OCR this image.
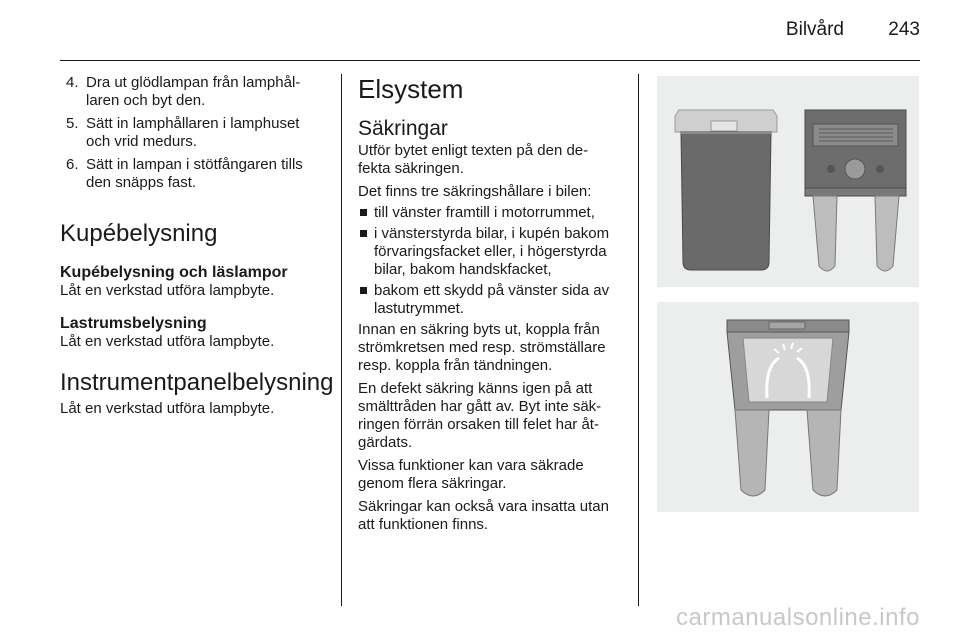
Bilvård 243
4. Dra ut glödlampan från lamphål-
laren och byt den.
5. Sätt in lamphållaren i lamphuset
och vrid medurs.
6. Sätt in lampan i stötfångaren tills
den snäpps fast.
Kupébelysning
Kupébelysning och läslampor

Låt en verkstad utföra lampbyte.

Lastrumsbelysning

Låt en verkstad utföra lampbyte.

Instrumentpanelbelysning

Låt en verkstad utföra lampbyte.

Elsystem
Säkringar

Utför bytet enligt texten på den de-
fekta säkringen.

Det finns tre säkringshållare i bilen:

till vänster framtill i motorrummet,
i vänsterstyrda bilar, i kupén bakom
förvaringsfacket eller, i högerstyrda
bilar, bakom handskfacket,
bakom ett skydd på vänster sida av
lastutrymmet.

Innan en säkring byts ut, koppla från
strömkretsen med resp. strömställare
resp. koppla från tändningen.

En defekt säkring känns igen på att
smälttråden har gått av. Byt inte säk-
ringen förrän orsaken till felet har åt-
gärdats.

Vissa funktioner kan vara säkrade
genom flera säkringar.

Säkringar kan också vara insatta utan
att funktionen finns.

carmanualsonline.info
